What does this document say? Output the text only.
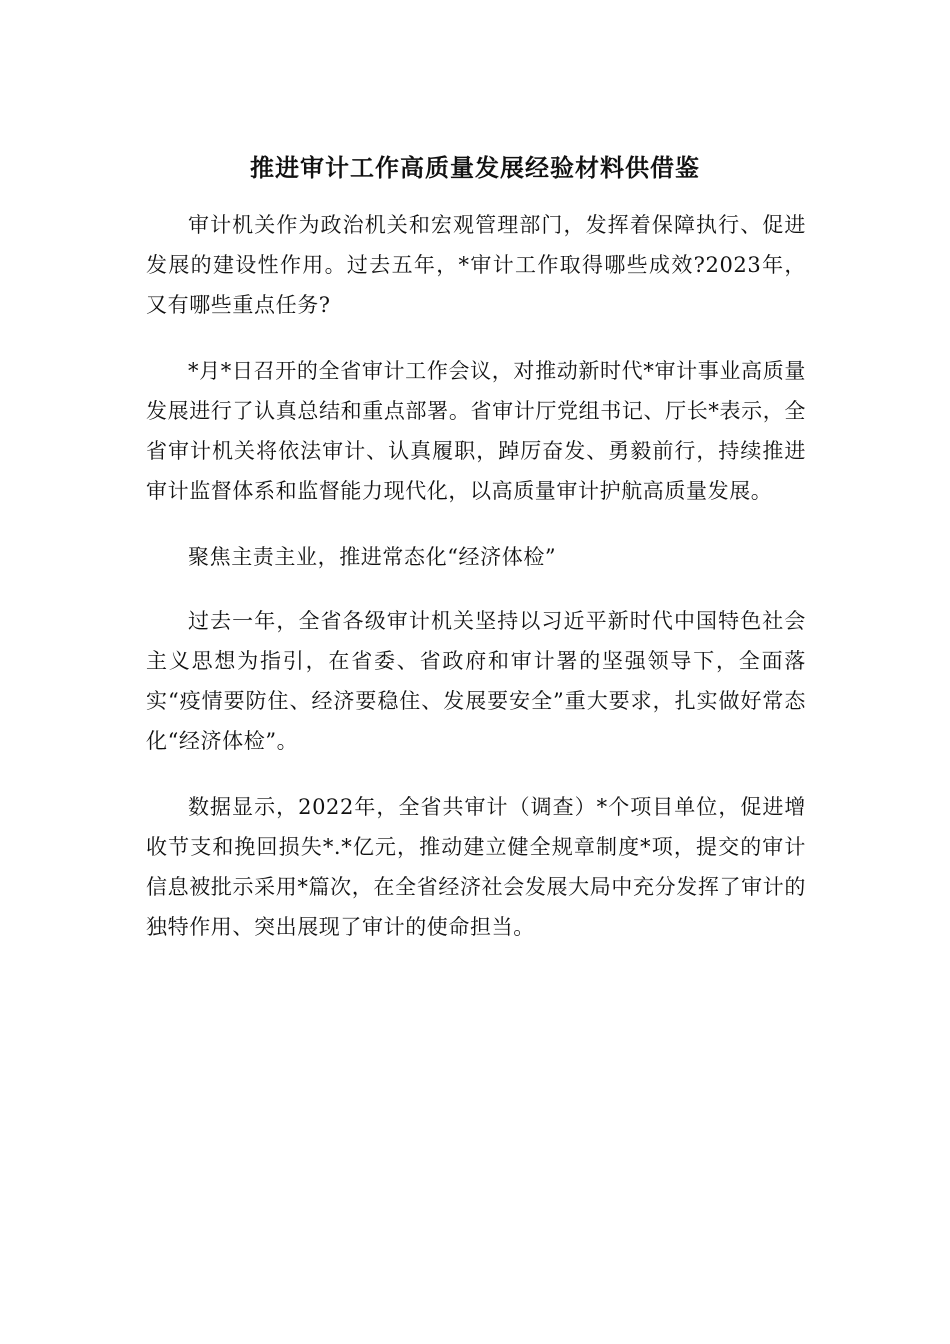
推进审计工作高质量发展经验材料供借鉴

审计机关作为政治机关和宏观管理部门，发挥着保障执行、促进发展的建设性作用。过去五年，*审计工作取得哪些成效?2023年，又有哪些重点任务?

*月*日召开的全省审计工作会议，对推动新时代*审计事业高质量发展进行了认真总结和重点部署。省审计厅党组书记、厅长*表示，全省审计机关将依法审计、认真履职，踔厉奋发、勇毅前行，持续推进审计监督体系和监督能力现代化，以高质量审计护航高质量发展。

聚焦主责主业，推进常态化“经济体检”

过去一年，全省各级审计机关坚持以习近平新时代中国特色社会主义思想为指引，在省委、省政府和审计署的坚强领导下，全面落实“疫情要防住、经济要稳住、发展要安全”重大要求，扎实做好常态化“经济体检”。

数据显示，2022年，全省共审计（调查）*个项目单位，促进增收节支和挽回损失*.*亿元，推动建立健全规章制度*项，提交的审计信息被批示采用*篇次，在全省经济社会发展大局中充分发挥了审计的独特作用、突出展现了审计的使命担当。
